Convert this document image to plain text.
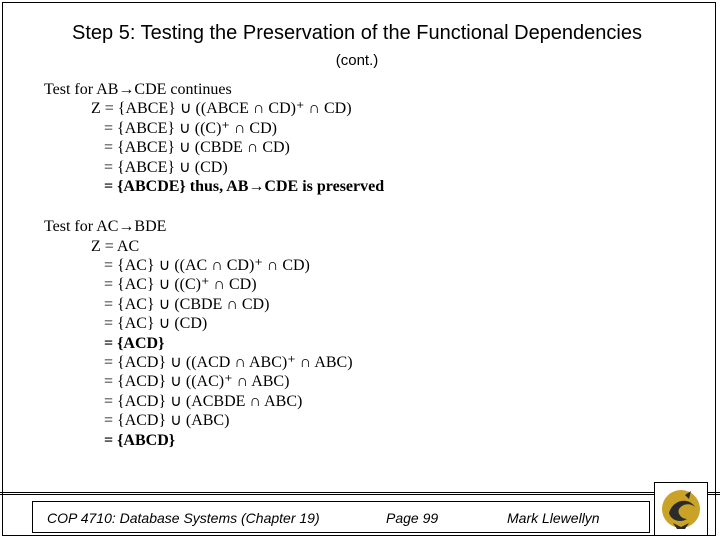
Step 5: Testing the Preservation of the Functional Dependencies
(cont.)
Test for AB→CDE continues
Z = {ABCE} ∪ ((ABCE ∩ CD)⁺ ∩ CD)
= {ABCE} ∪ ((C)⁺ ∩ CD)
= {ABCE} ∪ (CBDE ∩ CD)
= {ABCE} ∪ (CD)
= {ABCDE} thus, AB→CDE is preserved
Test for AC→BDE
Z = AC
= {AC} ∪ ((AC ∩ CD)⁺ ∩ CD)
= {AC} ∪ ((C)⁺ ∩ CD)
= {AC} ∪ (CBDE ∩ CD)
= {AC} ∪ (CD)
= {ACD}
= {ACD} ∪ ((ACD ∩ ABC)⁺ ∩ ABC)
= {ACD} ∪ ((AC)⁺ ∩ ABC)
= {ACD} ∪ (ACBDE ∩ ABC)
= {ACD} ∪ (ABC)
= {ABCD}
COP 4710: Database Systems (Chapter 19)	Page 99	Mark Llewellyn
